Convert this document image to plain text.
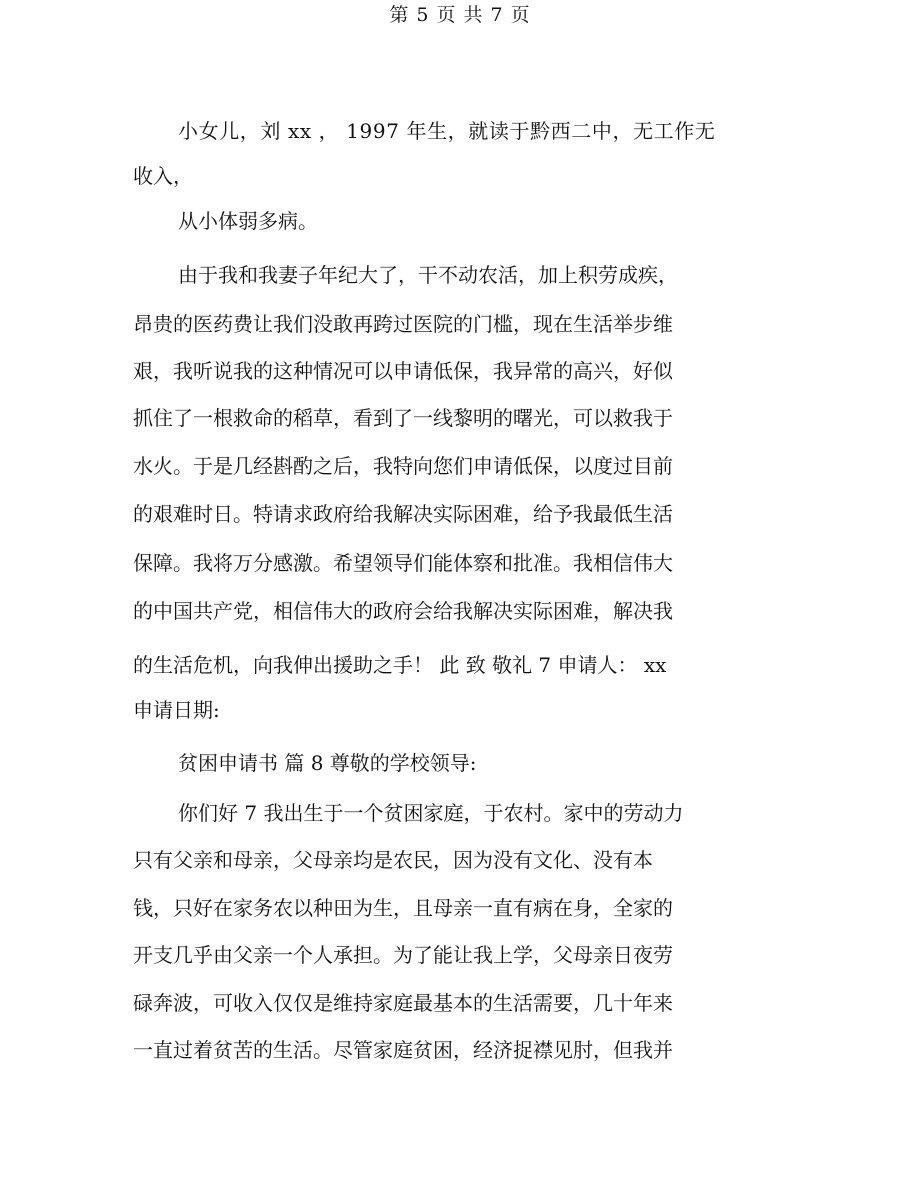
第 5 页 共 7 页
小女儿，刘 xx ， 1997 年生，就读于黔西二中，无工作无
收入，
从小体弱多病。
由于我和我妻子年纪大了，干不动农活，加上积劳成疾，
昂贵的医药费让我们没敢再跨过医院的门槛，现在生活举步维
艰，我听说我的这种情况可以申请低保，我异常的高兴，好似
抓住了一根救命的稻草，看到了一线黎明的曙光，可以救我于
水火。于是几经斟酌之后，我特向您们申请低保，以度过目前
的艰难时日。特请求政府给我解决实际困难，给予我最低生活
保障。我将万分感激。希望领导们能体察和批准。我相信伟大
的中国共产党，相信伟大的政府会给我解决实际困难，解决我
的生活危机，向我伸出援助之手！ 此 致 敬礼 7 申请人： xx
申请日期:
贫困申请书 篇 8 尊敬的学校领导:
你们好 7 我出生于一个贫困家庭，于农村。家中的劳动力
只有父亲和母亲，父母亲均是农民，因为没有文化、没有本
钱，只好在家务农以种田为生，且母亲一直有病在身，全家的
开支几乎由父亲一个人承担。为了能让我上学，父母亲日夜劳
碌奔波，可收入仅仅是维持家庭最基本的生活需要，几十年来
一直过着贫苦的生活。尽管家庭贫困，经济捉襟见肘，但我并
